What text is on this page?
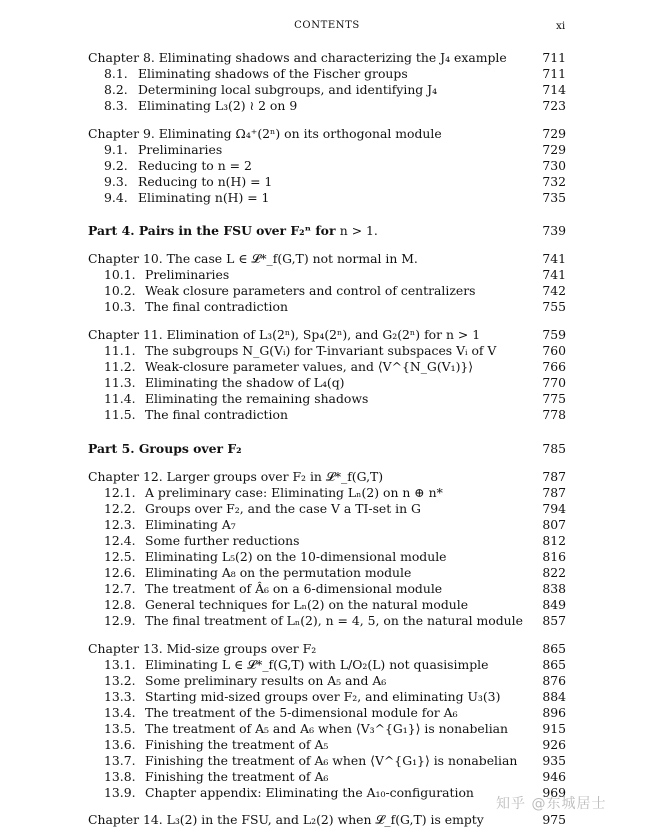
CONTENTS	xi
Chapter 8. Eliminating shadows and characterizing the J₄ example	711
8.1. Eliminating shadows of the Fischer groups	711
8.2. Determining local subgroups, and identifying J₄	714
8.3. Eliminating L₃(2) ≀ 2 on 9	723
Chapter 9. Eliminating Ω₄⁺(2ⁿ) on its orthogonal module	729
9.1. Preliminaries	729
9.2. Reducing to n = 2	730
9.3. Reducing to n(H) = 1	732
9.4. Eliminating n(H) = 1	735
Part 4. Pairs in the FSU over F₂ⁿ for n > 1.	739
Chapter 10. The case L ∈ 𝓛*_f(G,T) not normal in M.	741
10.1. Preliminaries	741
10.2. Weak closure parameters and control of centralizers	742
10.3. The final contradiction	755
Chapter 11. Elimination of L₃(2ⁿ), Sp₄(2ⁿ), and G₂(2ⁿ) for n > 1	759
11.1. The subgroups N_G(Vᵢ) for T-invariant subspaces Vᵢ of V	760
11.2. Weak-closure parameter values, and ⟨V^{N_G(V₁)}⟩	766
11.3. Eliminating the shadow of L₄(q)	770
11.4. Eliminating the remaining shadows	775
11.5. The final contradiction	778
Part 5. Groups over F₂	785
Chapter 12. Larger groups over F₂ in 𝓛*_f(G,T)	787
12.1. A preliminary case: Eliminating Lₙ(2) on n ⊕ n*	787
12.2. Groups over F₂, and the case V a TI-set in G	794
12.3. Eliminating A₇	807
12.4. Some further reductions	812
12.5. Eliminating L₅(2) on the 10-dimensional module	816
12.6. Eliminating A₈ on the permutation module	822
12.7. The treatment of Â₆ on a 6-dimensional module	838
12.8. General techniques for Lₙ(2) on the natural module	849
12.9. The final treatment of Lₙ(2), n = 4, 5, on the natural module 857
Chapter 13. Mid-size groups over F₂	865
13.1. Eliminating L ∈ 𝓛*_f(G,T) with L/O₂(L) not quasisimple	865
13.2. Some preliminary results on A₅ and A₆	876
13.3. Starting mid-sized groups over F₂, and eliminating U₃(3)	884
13.4. The treatment of the 5-dimensional module for A₆	896
13.5. The treatment of A₅ and A₆ when ⟨V₃^{G₁}⟩ is nonabelian	915
13.6. Finishing the treatment of A₅	926
13.7. Finishing the treatment of A₆ when ⟨V^{G₁}⟩ is nonabelian 935
13.8. Finishing the treatment of A₆	946
13.9. Chapter appendix: Eliminating the A₁₀-configuration	969
Chapter 14. L₃(2) in the FSU, and L₂(2) when 𝓛_f(G,T) is empty	975
知乎 @东城居士
